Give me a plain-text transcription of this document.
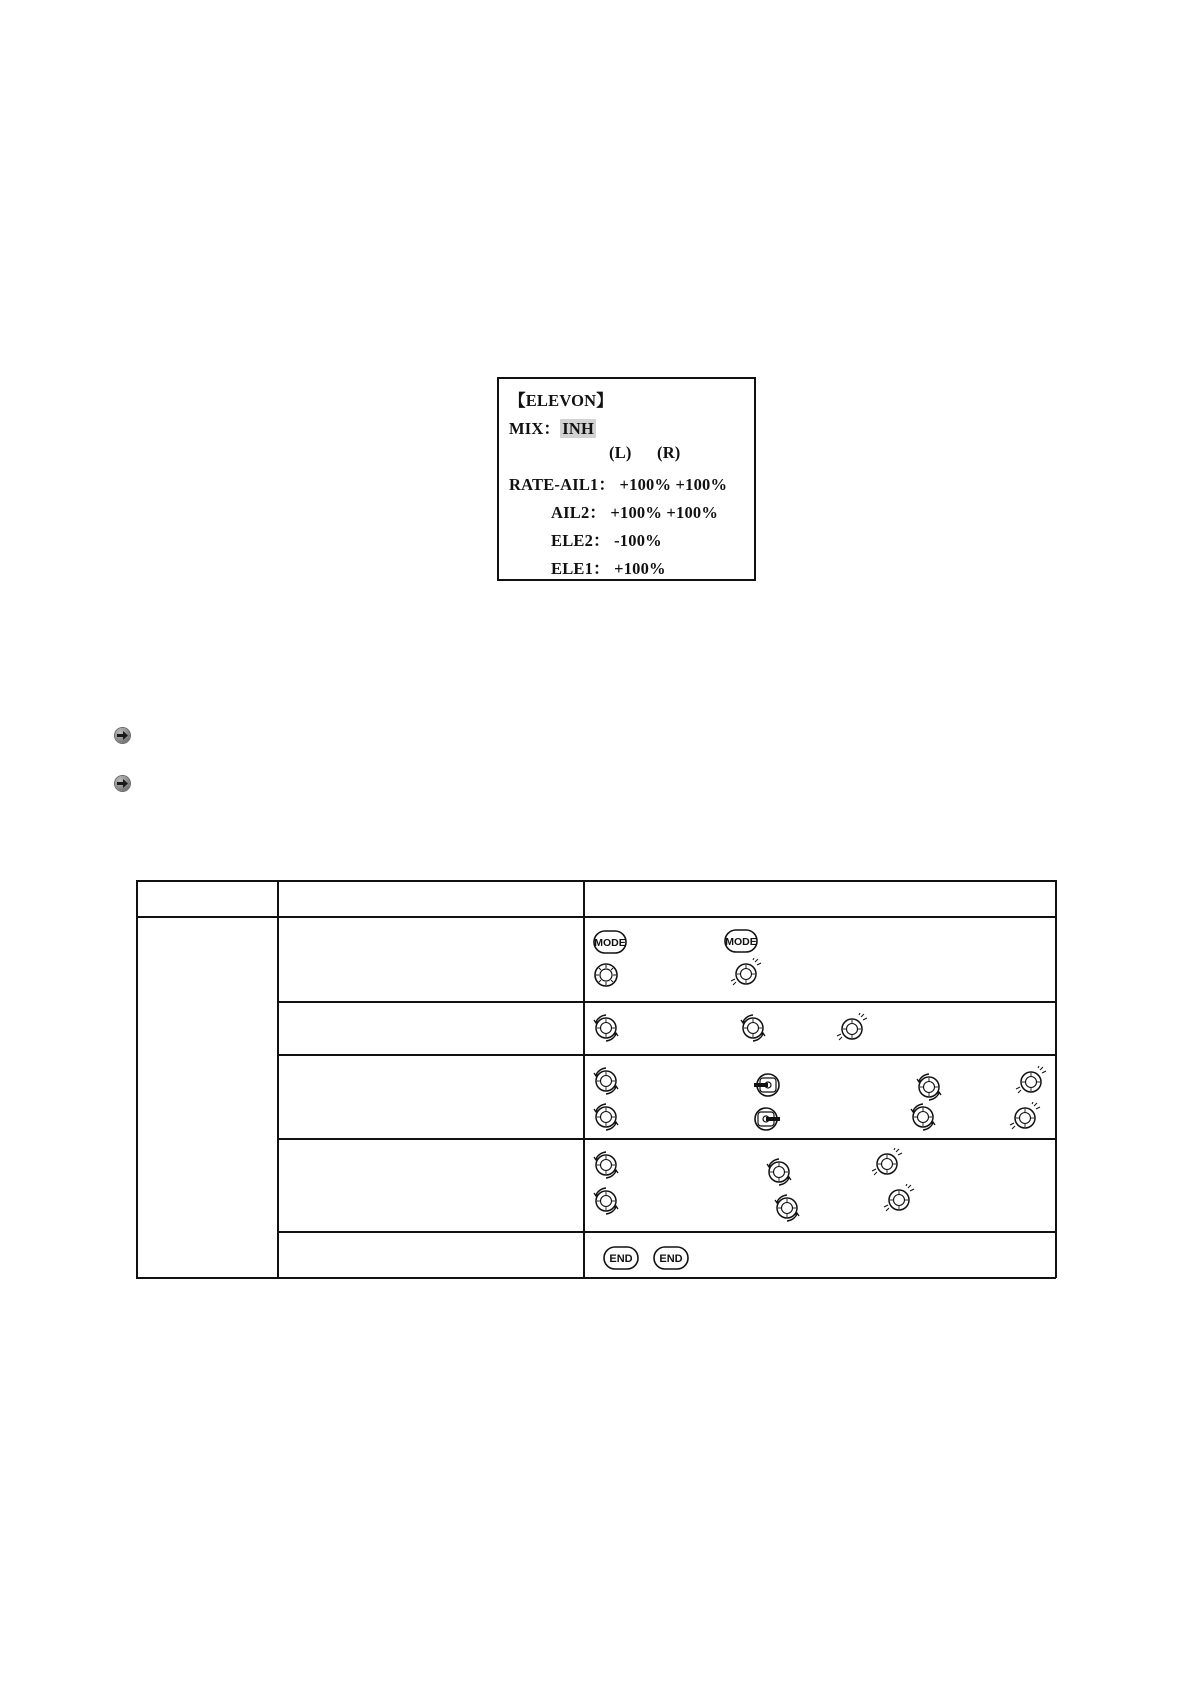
【ELEVON】
MIX： INH
(L) (R)
RATE-AIL1： +100% +100%
AIL2： +100% +100%
ELE2： -100%
ELE1： +100%
MODE	MODE
END END
